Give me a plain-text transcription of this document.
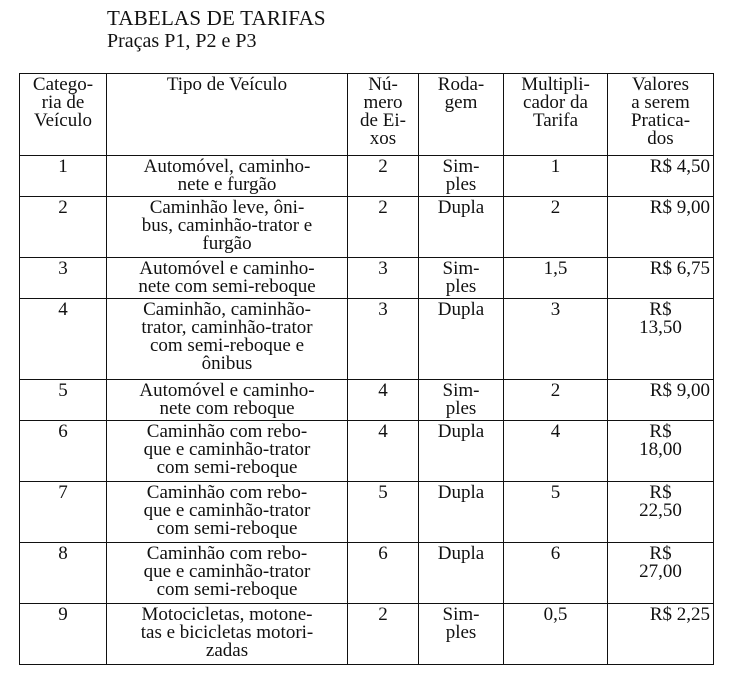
TABELAS DE TARIFAS
Praças P1, P2 e P3
Catego-
ria de
Veículo	Tipo de Veículo	Nú-
mero
de Ei-
xos	Roda-
gem	Multipli-
cador da
Tarifa	Valores
a serem
Pratica-
dos
1	Automóvel, caminho-
nete e furgão	2	Sim-
ples	1	R$ 4,50
2	Caminhão leve, ôni-
bus, caminhão-trator e
furgão	2	Dupla	2	R$ 9,00
3	Automóvel e caminho-
nete com semi-reboque	3	Sim-
ples	1,5	R$ 6,75
4	Caminhão, caminhão-
trator, caminhão-trator
com semi-reboque e
ônibus	3	Dupla	3	R$
13,50
5	Automóvel e caminho-
nete com reboque	4	Sim-
ples	2	R$ 9,00
6	Caminhão com rebo-
que e caminhão-trator
com semi-reboque	4	Dupla	4	R$
18,00
7	Caminhão com rebo-
que e caminhão-trator
com semi-reboque	5	Dupla	5	R$
22,50
8	Caminhão com rebo-
que e caminhão-trator
com semi-reboque	6	Dupla	6	R$
27,00
9	Motocicletas, motone-
tas e bicicletas motori-
zadas	2	Sim-
ples	0,5	R$ 2,25
